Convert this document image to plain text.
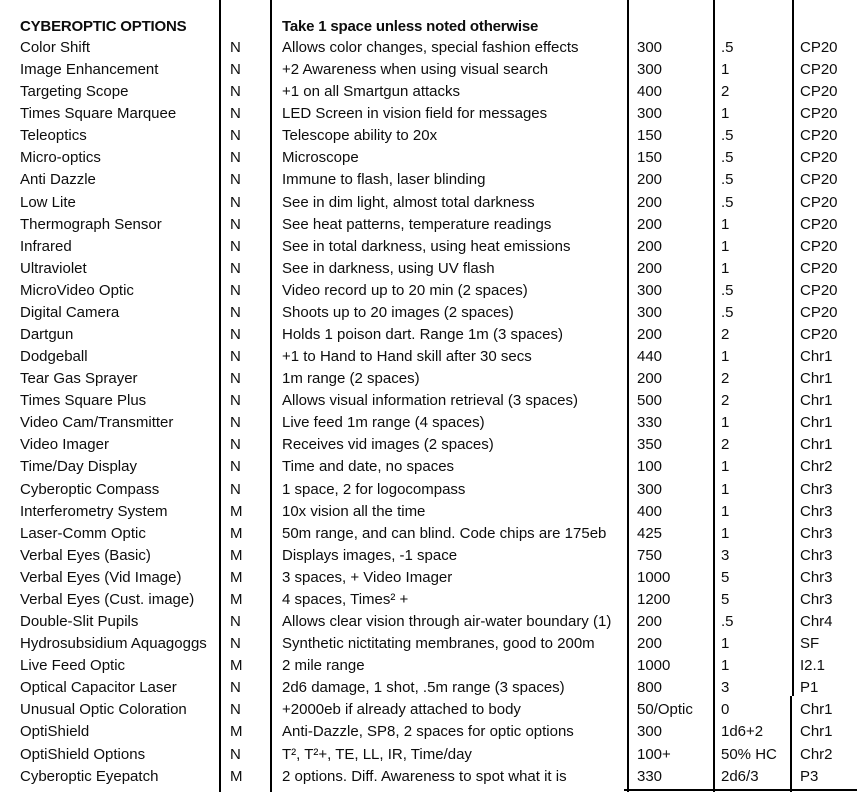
CYBEROPTIC OPTIONS	Take 1 space unless noted otherwise
Color Shift	N	Allows color changes, special fashion effects	300	.5	CP20
Image Enhancement	N	+2 Awareness when using visual search	300	1	CP20
Targeting Scope	N	+1 on all Smartgun attacks	400	2	CP20
Times Square Marquee	N	LED Screen in vision field for messages	300	1	CP20
Teleoptics	N	Telescope ability to 20x	150	.5	CP20
Micro-optics	N	Microscope	150	.5	CP20
Anti Dazzle	N	Immune to flash, laser blinding	200	.5	CP20
Low Lite	N	See in dim light, almost total darkness	200	.5	CP20
Thermograph Sensor	N	See heat patterns, temperature readings	200	1	CP20
Infrared	N	See in total darkness, using heat emissions	200	1	CP20
Ultraviolet	N	See in darkness, using UV flash	200	1	CP20
MicroVideo Optic	N	Video record up to 20 min (2 spaces)	300	.5	CP20
Digital Camera	N	Shoots up to 20 images (2 spaces)	300	.5	CP20
Dartgun	N	Holds 1 poison dart. Range 1m (3 spaces)	200	2	CP20
Dodgeball	N	+1 to Hand to Hand skill after 30 secs	440	1	Chr1
Tear Gas Sprayer	N	1m range (2 spaces)	200	2	Chr1
Times Square Plus	N	Allows visual information retrieval (3 spaces)	500	2	Chr1
Video Cam/Transmitter	N	Live feed 1m range (4 spaces)	330	1	Chr1
Video Imager	N	Receives vid images (2 spaces)	350	2	Chr1
Time/Day Display	N	Time and date, no spaces	100	1	Chr2
Cyberoptic Compass	N	1 space, 2 for logocompass	300	1	Chr3
Interferometry System	M	10x vision all the time	400	1	Chr3
Laser-Comm Optic	M	50m range, and can blind. Code chips are 175eb	425	1	Chr3
Verbal Eyes (Basic)	M	Displays images, -1 space	750	3	Chr3
Verbal Eyes (Vid Image)	M	3 spaces, + Video Imager	1000	5	Chr3
Verbal Eyes (Cust. image)	M	4 spaces, Times² +	1200	5	Chr3
Double-Slit Pupils	N	Allows clear vision through air-water boundary (1)	200	.5	Chr4
Hydrosubsidium Aquagoggs	N	Synthetic nictitating membranes, good to 200m	200	1	SF
Live Feed Optic	M	2 mile range	1000	1	I2.1
Optical Capacitor Laser	N	2d6 damage, 1 shot, .5m range (3 spaces)	800	3	P1
Unusual Optic Coloration	N	+2000eb if already attached to body	50/Optic	0	Chr1
OptiShield	M	Anti-Dazzle, SP8, 2 spaces for optic options	300	1d6+2	Chr1
OptiShield Options	N	T², T²+, TE, LL, IR, Time/day	100+	50% HC	Chr2
Cyberoptic Eyepatch	M	2 options. Diff. Awareness to spot what it is	330	2d6/3	P3
